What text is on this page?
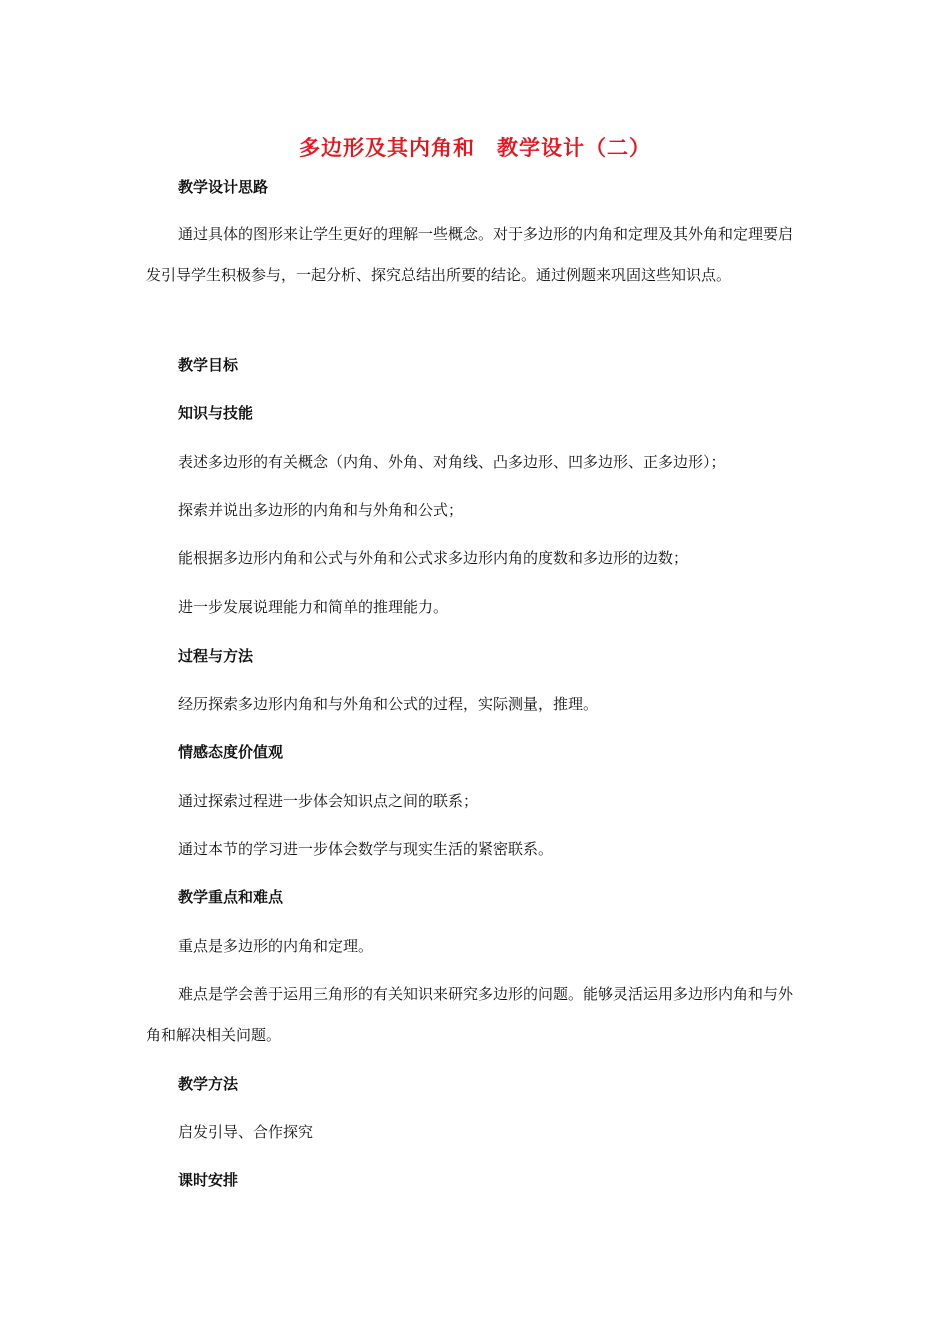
多边形及其内角和　教学设计（二）
教学设计思路
通过具体的图形来让学生更好的理解一些概念。对于多边形的内角和定理及其外角和定理要启发引导学生积极参与，一起分析、探究总结出所要的结论。通过例题来巩固这些知识点。
教学目标
知识与技能
表述多边形的有关概念（内角、外角、对角线、凸多边形、凹多边形、正多边形）；
探索并说出多边形的内角和与外角和公式；
能根据多边形内角和公式与外角和公式求多边形内角的度数和多边形的边数；
进一步发展说理能力和简单的推理能力。
过程与方法
经历探索多边形内角和与外角和公式的过程，实际测量，推理。
情感态度价值观
通过探索过程进一步体会知识点之间的联系；
通过本节的学习进一步体会数学与现实生活的紧密联系。
教学重点和难点
重点是多边形的内角和定理。
难点是学会善于运用三角形的有关知识来研究多边形的问题。能够灵活运用多边形内角和与外角和解决相关问题。
教学方法
启发引导、合作探究
课时安排
